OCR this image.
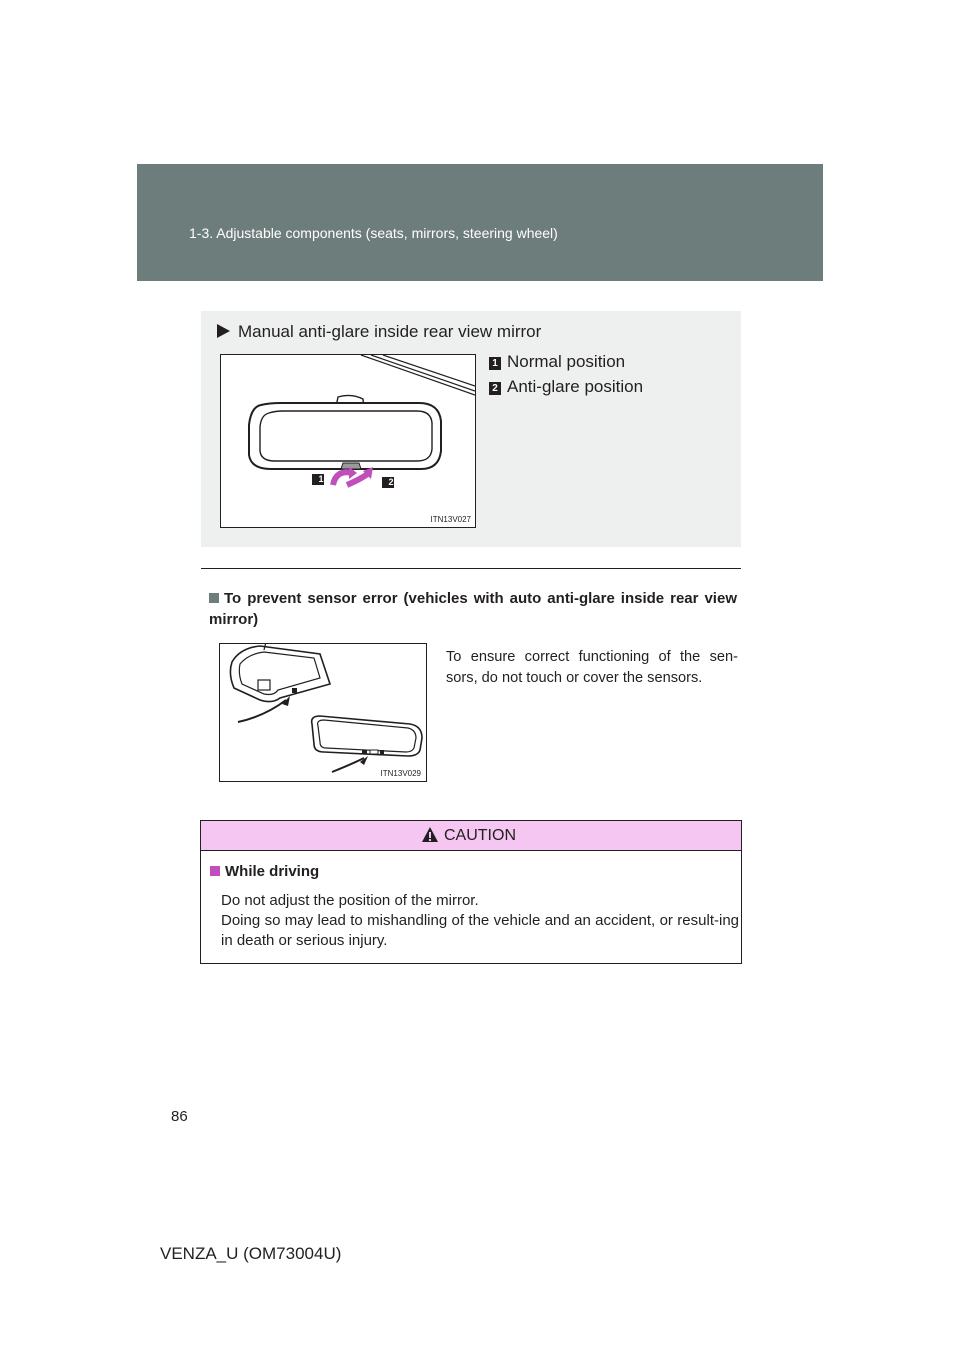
1-3. Adjustable components (seats, mirrors, steering wheel)
Manual anti-glare inside rear view mirror
1	2
ITN13V027
1 Normal position
2 Anti-glare position
To prevent sensor error (vehicles with auto anti-glare inside rear view mirror)
ITN13V029
To ensure correct functioning of the sen-sors, do not touch or cover the sensors.
CAUTION
While driving
Do not adjust the position of the mirror.
Doing so may lead to mishandling of the vehicle and an accident, or result-ing in death or serious injury.
86
VENZA_U (OM73004U)
